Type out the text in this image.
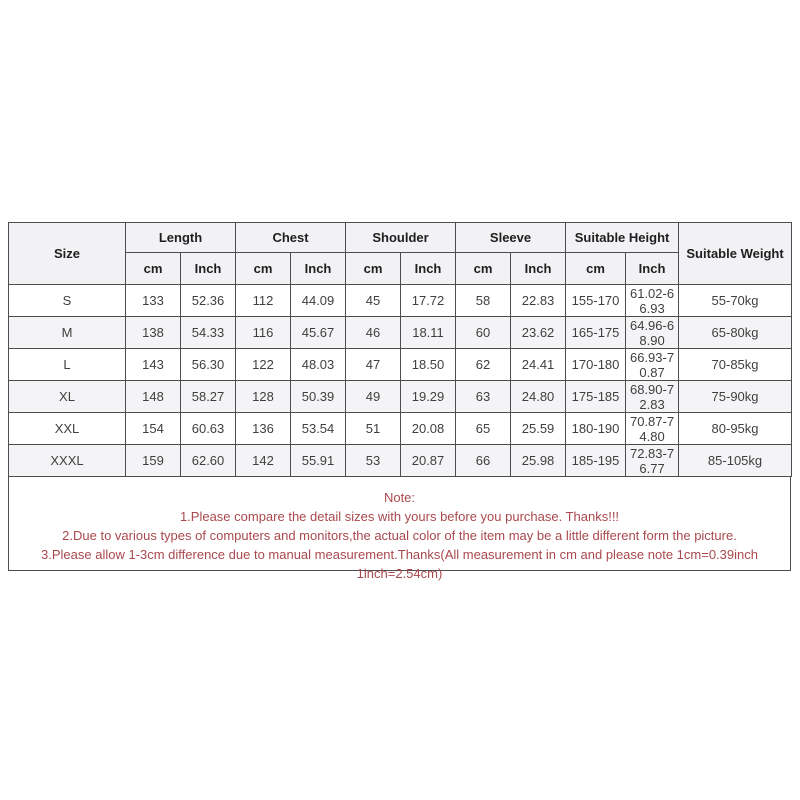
Size	Length		Chest		Shoulder		Sleeve		Suitable Height		Suitable Weight
	cm	Inch	cm	Inch	cm	Inch	cm	Inch	cm	Inch	
S	133	52.36	112	44.09	45	17.72	58	22.83	155-170	61.02-66.93	55-70kg
M	138	54.33	116	45.67	46	18.11	60	23.62	165-175	64.96-68.90	65-80kg
L	143	56.30	122	48.03	47	18.50	62	24.41	170-180	66.93-70.87	70-85kg
XL	148	58.27	128	50.39	49	19.29	63	24.80	175-185	68.90-72.83	75-90kg
XXL	154	60.63	136	53.54	51	20.08	65	25.59	180-190	70.87-74.80	80-95kg
XXXL	159	62.60	142	55.91	53	20.87	66	25.98	185-195	72.83-76.77	85-105kg
Note:
1.Please compare the detail sizes with yours before you purchase. Thanks!!!
2.Due to various types of computers and monitors,the actual color of the item may be a little different form the picture.
3.Please allow 1-3cm difference due to manual measurement.Thanks(All measurement in cm and please note 1cm=0.39inch 1inch=2.54cm)
